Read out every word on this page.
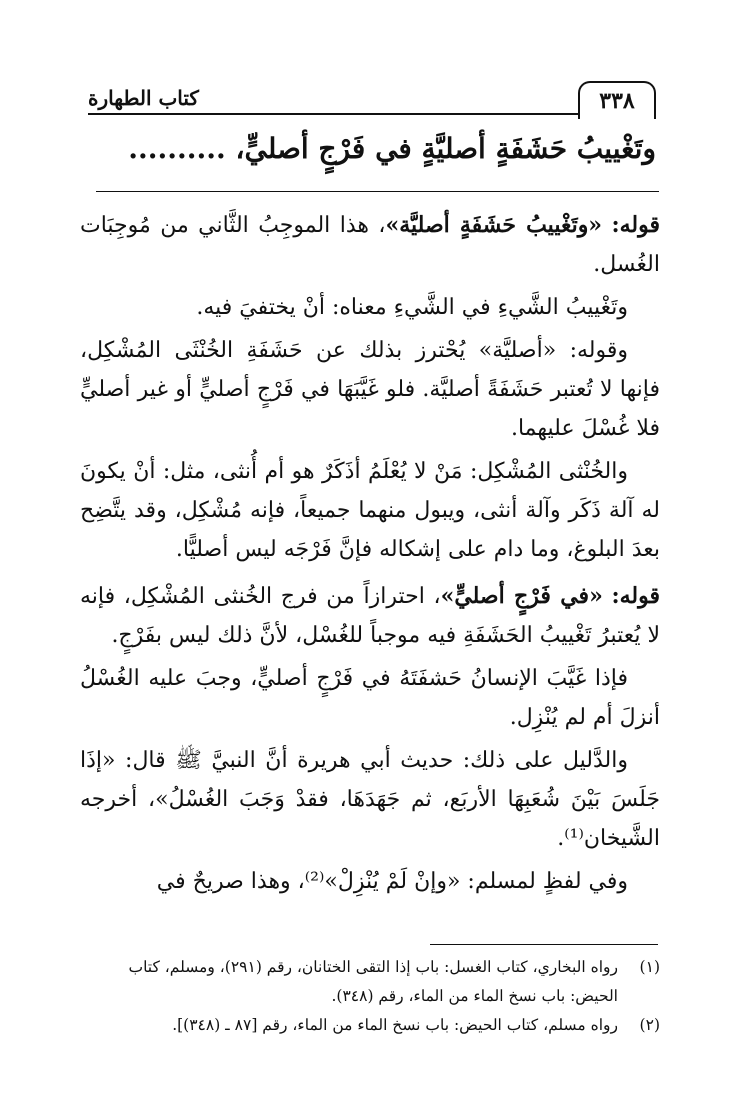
كتاب الطهارة	٣٣٨
وتَغْييبُ حَشَفَةٍ أصليَّةٍ في فَرْجٍ أصليٍّ، ..........

قوله: «وتَغْييبُ حَشَفَةٍ أصليَّة»، هذا الموجِبُ الثَّاني من مُوجِبَات الغُسل.

وتَغْييبُ الشَّيءِ في الشَّيءِ معناه: أنْ يختفيَ فيه.

وقوله: «أصليَّة» يُحْترز بذلك عن حَشَفَةِ الخُنْثَى المُشْكِل، فإنها لا تُعتبر حَشَفَةً أصليَّة. فلو غَيَّبَهَا في فَرْجٍ أصليٍّ أو غير أصليٍّ فلا غُسْلَ عليهما.

والخُنْثى المُشْكِل: مَنْ لا يُعْلَمُ أذَكَرٌ هو أم أُنثى، مثل: أنْ يكونَ له آلة ذَكَر وآلة أنثى، ويبول منهما جميعاً، فإنه مُشْكِل، وقد يتَّضِح بعدَ البلوغ، وما دام على إشكاله فإنَّ فَرْجَه ليس أصليًّا.

قوله: «في فَرْجٍ أصليٍّ»، احترازاً من فرج الخُنثى المُشْكِل، فإنه لا يُعتبرُ تَغْييبُ الحَشَفَةِ فيه موجباً للغُسْل، لأنَّ ذلك ليس بفَرْجٍ.

فإذا غَيَّبَ الإنسانُ حَشفَتَهُ في فَرْجٍ أصليٍّ، وجبَ عليه الغُسْلُ أنزلَ أم لم يُنْزِل.

والدَّليل على ذلك: حديث أبي هريرة أنَّ النبيَّ ﷺ قال: «إذَا جَلَسَ بَيْنَ شُعَبِهَا الأربَع، ثم جَهَدَهَا، فقدْ وَجَبَ الغُسْلُ»، أخرجه الشَّيخان⁽¹⁾.

وفي لفظٍ لمسلم: «وإنْ لَمْ يُنْزِلْ»⁽²⁾، وهذا صريحٌ في

(١)
رواه البخاري، كتاب الغسل: باب إذا التقى الختانان، رقم (٢٩١)، ومسلم، كتاب الحيض: باب نسخ الماء من الماء، رقم (٣٤٨).
(٢)
رواه مسلم، كتاب الحيض: باب نسخ الماء من الماء، رقم [٨٧ ـ (٣٤٨)].
